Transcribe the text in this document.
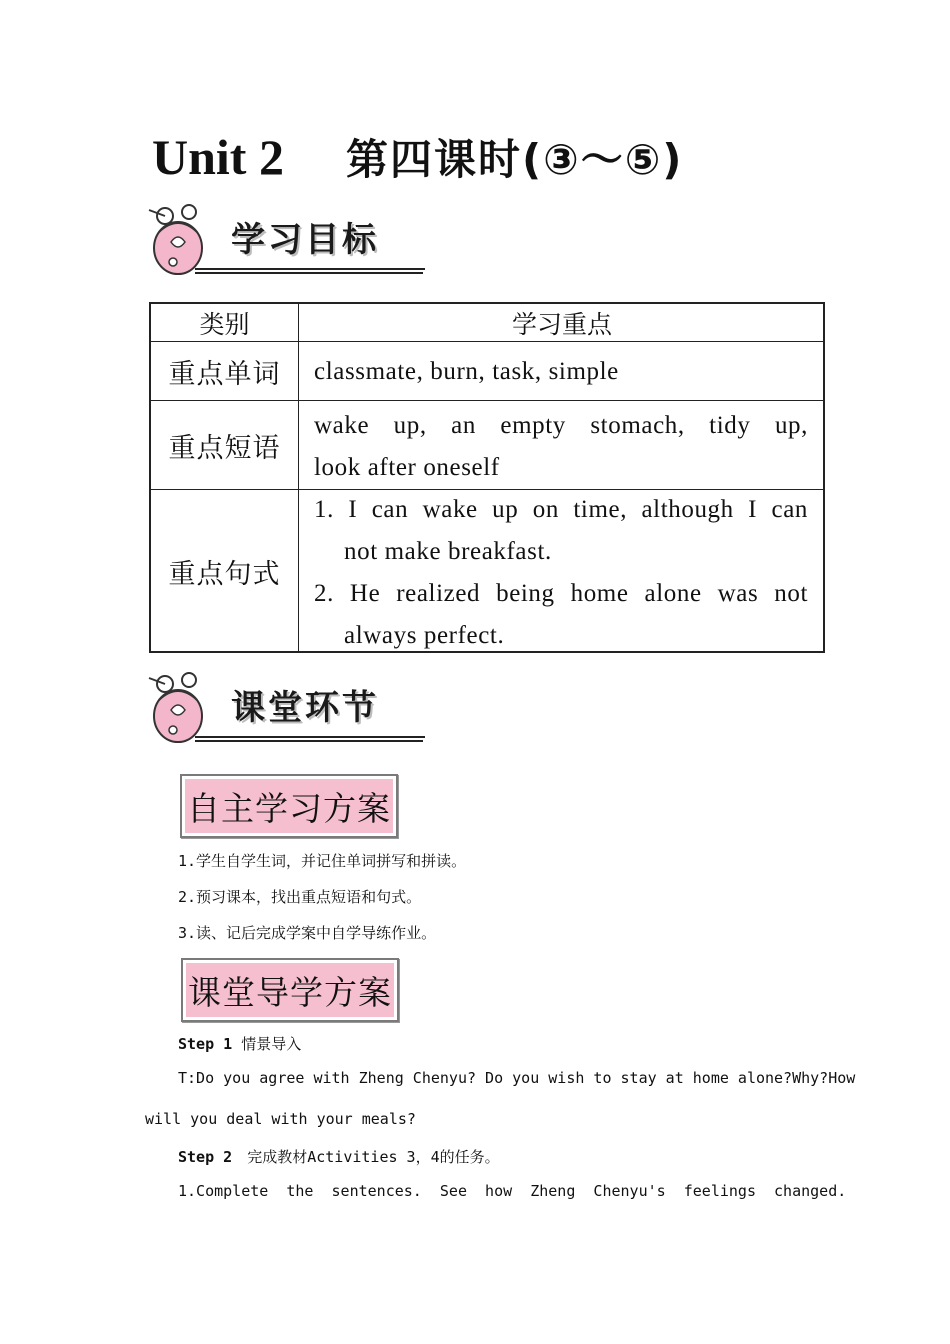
Unit 2 第四课时(③～⑤)
学习目标
类别	学习重点
重点单词	classmate, burn, task, simple
重点短语
wake up, an empty stomach, tidy up,
look after oneself
重点句式
1. I can wake up on time, although I can
not make breakfast.
2. He realized being home alone was not
always perfect.
课堂环节
自主学习方案
1.学生自学生词，并记住单词拼写和拼读。
2.预习课本，找出重点短语和句式。
3.读、记后完成学案中自学导练作业。
课堂导学方案
Step 1 情景导入
T:Do you agree with Zheng Chenyu? Do you wish to stay at home alone?Why?How
will you deal with your meals?
Step 2 完成教材Activities 3，4的任务。
1.Complete  the  sentences.  See  how  Zheng  Chenyu's  feelings  changed.
